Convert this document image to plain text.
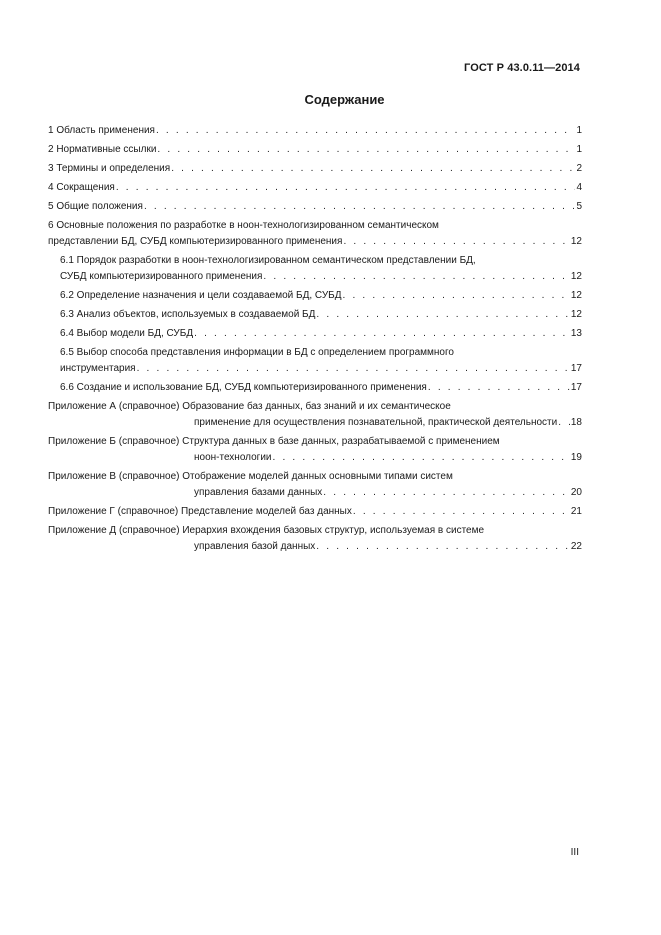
ГОСТ Р 43.0.11—2014
Содержание
1 Область применения . . .	1
2 Нормативные ссылки . . .	1
3 Термины и определения . . .	2
4 Сокращения . . .	4
5 Общие положения . . .	5
6 Основные положения по разработке в ноон-технологизированном семантическом
представлении БД, СУБД компьютеризированного применения . . .	12
6.1 Порядок разработки в ноон-технологизированном семантическом представлении БД,
СУБД компьютеризированного применения . . .	12
6.2 Определение назначения и цели создаваемой БД, СУБД . . .	12
6.3 Анализ объектов, используемых в создаваемой БД . . .	12
6.4 Выбор модели БД, СУБД . . .	13
6.5 Выбор способа представления информации в БД с определением программного
инструментария . . .	17
6.6 Создание и использование БД, СУБД компьютеризированного применения . . .	17
Приложение А (справочное) Образование баз данных, баз знаний и их семантическое
применение для осуществления познавательной, практической деятельности . . . 18
Приложение Б (справочное) Структура данных в базе данных, разрабатываемой с применением
ноон-технологии . . .	19
Приложение В (справочное) Отображение моделей данных основными типами систем
управления базами данных . . .	20
Приложение Г (справочное) Представление моделей баз данных . . .	21
Приложение Д (справочное) Иерархия вхождения базовых структур, используемая в системе
управления базой данных . . .	22
III
